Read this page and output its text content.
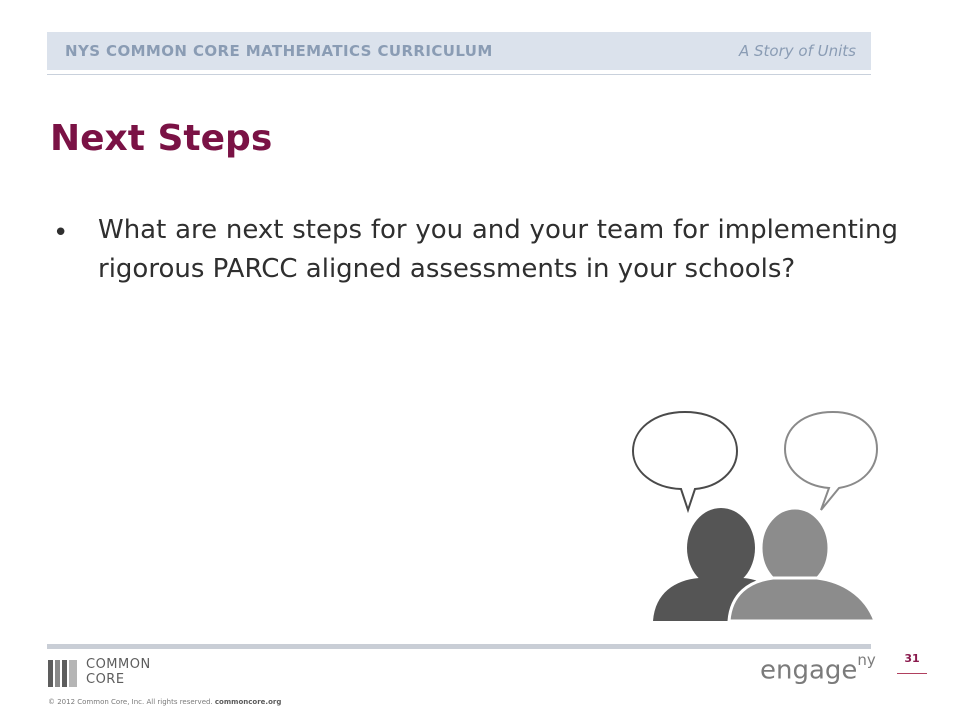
NYS COMMON CORE MATHEMATICS CURRICULUM	A Story of Units
Next Steps
• What are next steps for you and your team for implementing rigorous PARCC aligned assessments in your schools?
COMMON
CORE
© 2012 Common Core, Inc. All rights reserved. commoncore.org
engage$^{ny}$	31
